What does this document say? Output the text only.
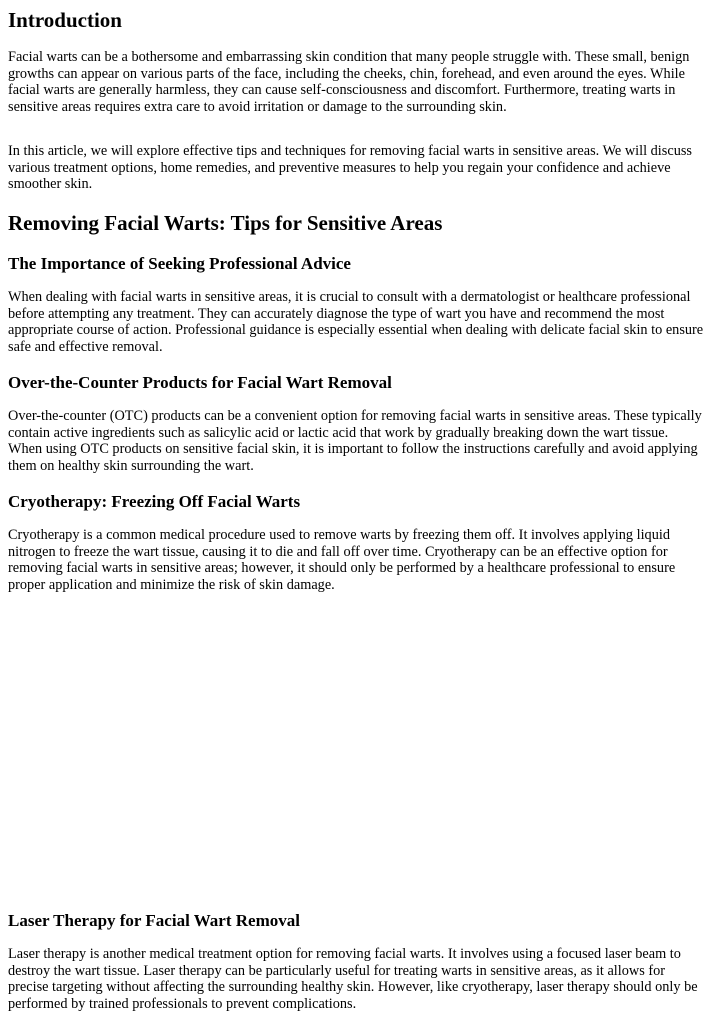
Introduction

Facial warts can be a bothersome and embarrassing skin condition that many people struggle with. These small, benign
growths can appear on various parts of the face, including the cheeks, chin, forehead, and even around the eyes. While
facial warts are generally harmless, they can cause self-consciousness and discomfort. Furthermore, treating warts in
sensitive areas requires extra care to avoid irritation or damage to the surrounding skin.

In this article, we will explore effective tips and techniques for removing facial warts in sensitive areas. We will discuss
various treatment options, home remedies, and preventive measures to help you regain your confidence and achieve
smoother skin.

Removing Facial Warts: Tips for Sensitive Areas
The Importance of Seeking Professional Advice

When dealing with facial warts in sensitive areas, it is crucial to consult with a dermatologist or healthcare professional
before attempting any treatment. They can accurately diagnose the type of wart you have and recommend the most
appropriate course of action. Professional guidance is especially essential when dealing with delicate facial skin to ensure
safe and effective removal.

Over-the-Counter Products for Facial Wart Removal

Over-the-counter (OTC) products can be a convenient option for removing facial warts in sensitive areas. These typically
contain active ingredients such as salicylic acid or lactic acid that work by gradually breaking down the wart tissue.
When using OTC products on sensitive facial skin, it is important to follow the instructions carefully and avoid applying
them on healthy skin surrounding the wart.

Cryotherapy: Freezing Off Facial Warts

Cryotherapy is a common medical procedure used to remove warts by freezing them off. It involves applying liquid
nitrogen to freeze the wart tissue, causing it to die and fall off over time. Cryotherapy can be an effective option for
removing facial warts in sensitive areas; however, it should only be performed by a healthcare professional to ensure
proper application and minimize the risk of skin damage.

Laser Therapy for Facial Wart Removal

Laser therapy is another medical treatment option for removing facial warts. It involves using a focused laser beam to
destroy the wart tissue. Laser therapy can be particularly useful for treating warts in sensitive areas, as it allows for
precise targeting without affecting the surrounding healthy skin. However, like cryotherapy, laser therapy should only be
performed by trained professionals to prevent complications.
